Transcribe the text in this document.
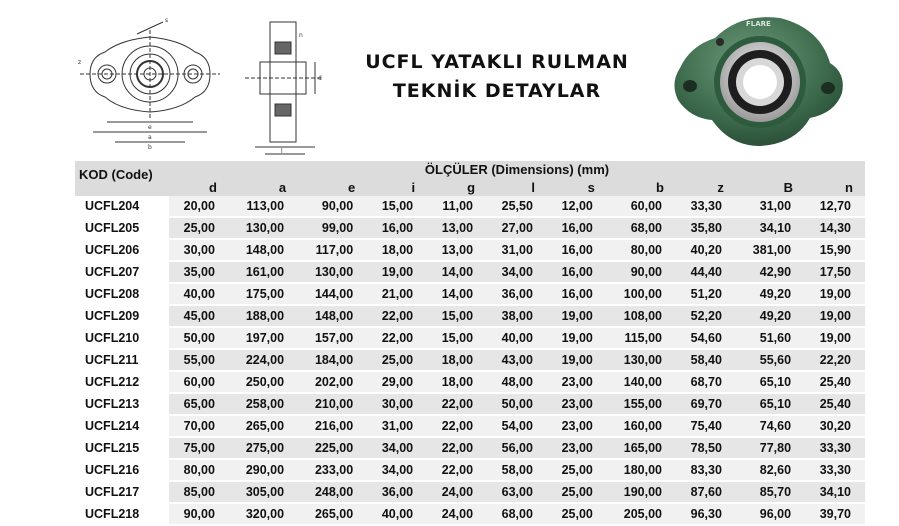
e
a
b
z
s
d
l
n
UCFL YATAKLI RULMAN
TEKNİK DETAYLAR
FLARE
KOD (Code)	ÖLÇÜLER (Dimensions) (mm)										
	d	a	e	i	g	l	s	b	z	B	n
UCFL204	20,00	113,00	90,00	15,00	11,00	25,50	12,00	60,00	33,30	31,00	12,70
UCFL205	25,00	130,00	99,00	16,00	13,00	27,00	16,00	68,00	35,80	34,10	14,30
UCFL206	30,00	148,00	117,00	18,00	13,00	31,00	16,00	80,00	40,20	381,00	15,90
UCFL207	35,00	161,00	130,00	19,00	14,00	34,00	16,00	90,00	44,40	42,90	17,50
UCFL208	40,00	175,00	144,00	21,00	14,00	36,00	16,00	100,00	51,20	49,20	19,00
UCFL209	45,00	188,00	148,00	22,00	15,00	38,00	19,00	108,00	52,20	49,20	19,00
UCFL210	50,00	197,00	157,00	22,00	15,00	40,00	19,00	115,00	54,60	51,60	19,00
UCFL211	55,00	224,00	184,00	25,00	18,00	43,00	19,00	130,00	58,40	55,60	22,20
UCFL212	60,00	250,00	202,00	29,00	18,00	48,00	23,00	140,00	68,70	65,10	25,40
UCFL213	65,00	258,00	210,00	30,00	22,00	50,00	23,00	155,00	69,70	65,10	25,40
UCFL214	70,00	265,00	216,00	31,00	22,00	54,00	23,00	160,00	75,40	74,60	30,20
UCFL215	75,00	275,00	225,00	34,00	22,00	56,00	23,00	165,00	78,50	77,80	33,30
UCFL216	80,00	290,00	233,00	34,00	22,00	58,00	25,00	180,00	83,30	82,60	33,30
UCFL217	85,00	305,00	248,00	36,00	24,00	63,00	25,00	190,00	87,60	85,70	34,10
UCFL218	90,00	320,00	265,00	40,00	24,00	68,00	25,00	205,00	96,30	96,00	39,70
